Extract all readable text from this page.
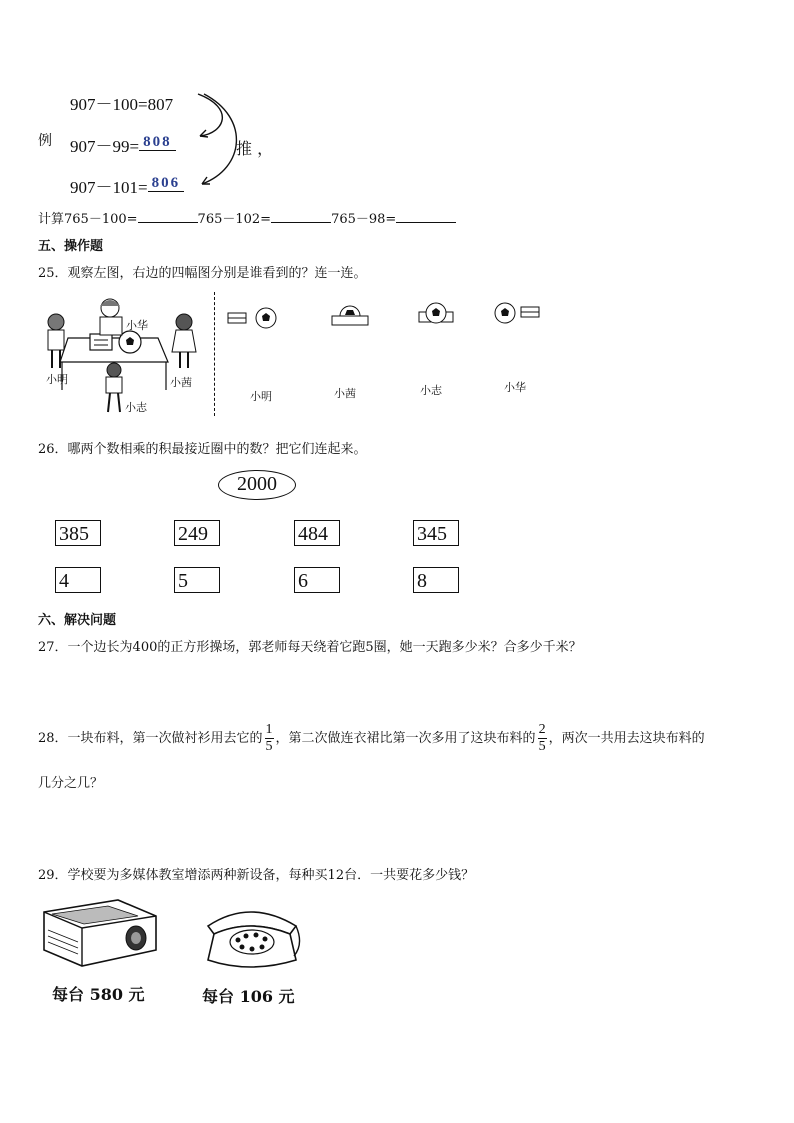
例
907－100=807
907－99= 808
907－101= 806
推 ，
计算765－100=	765－102=	765－98=
五、操作题
25．观察左图，右边的四幅图分别是谁看到的？连一连。
小华
小明	小茜
小志
小明	小茜	小志	小华
26．哪两个数相乘的积最接近圈中的数？把它们连起来。
2000
385	249	484	345
4	5	6	8
六、解决问题
27．一个边长为400的正方形操场，郭老师每天绕着它跑5圈，她一天跑多少米？合多少千米？
28．一块布料，第一次做衬衫用去它的 $\frac{1}{5}$ ，第二次做连衣裙比第一次多用了这块布料的 $\frac{2}{5}$ ，两次一共用去这块布料的
几分之几？
29．学校要为多媒体教室增添两种新设备，每种买12台．一共要花多少钱？
每台 580 元	每台 106 元
